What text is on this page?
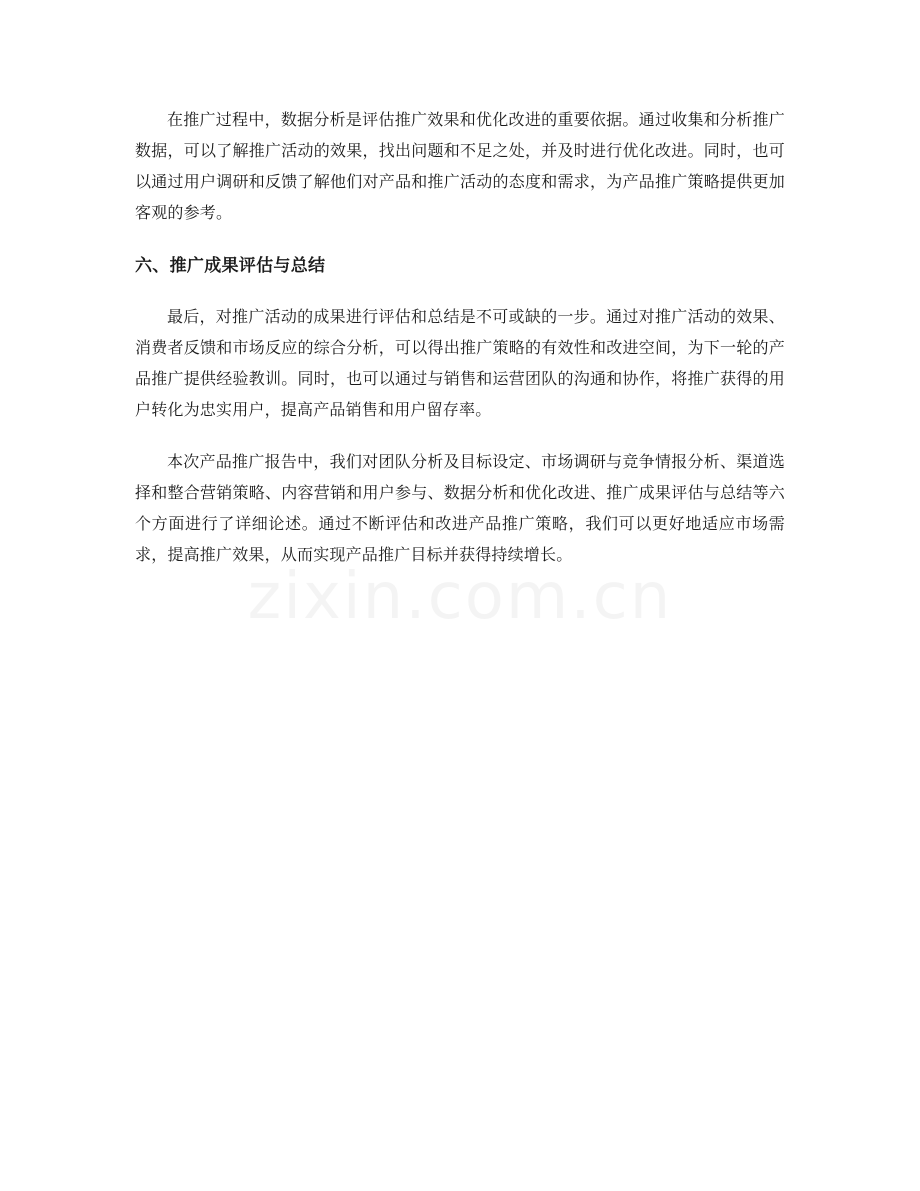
在推广过程中，数据分析是评估推广效果和优化改进的重要依据。通过收集和分析推广数据，可以了解推广活动的效果，找出问题和不足之处，并及时进行优化改进。同时，也可以通过用户调研和反馈了解他们对产品和推广活动的态度和需求，为产品推广策略提供更加客观的参考。

六、推广成果评估与总结

最后，对推广活动的成果进行评估和总结是不可或缺的一步。通过对推广活动的效果、消费者反馈和市场反应的综合分析，可以得出推广策略的有效性和改进空间，为下一轮的产品推广提供经验教训。同时，也可以通过与销售和运营团队的沟通和协作，将推广获得的用户转化为忠实用户，提高产品销售和用户留存率。

本次产品推广报告中，我们对团队分析及目标设定、市场调研与竞争情报分析、渠道选择和整合营销策略、内容营销和用户参与、数据分析和优化改进、推广成果评估与总结等六个方面进行了详细论述。通过不断评估和改进产品推广策略，我们可以更好地适应市场需求，提高推广效果，从而实现产品推广目标并获得持续增长。
